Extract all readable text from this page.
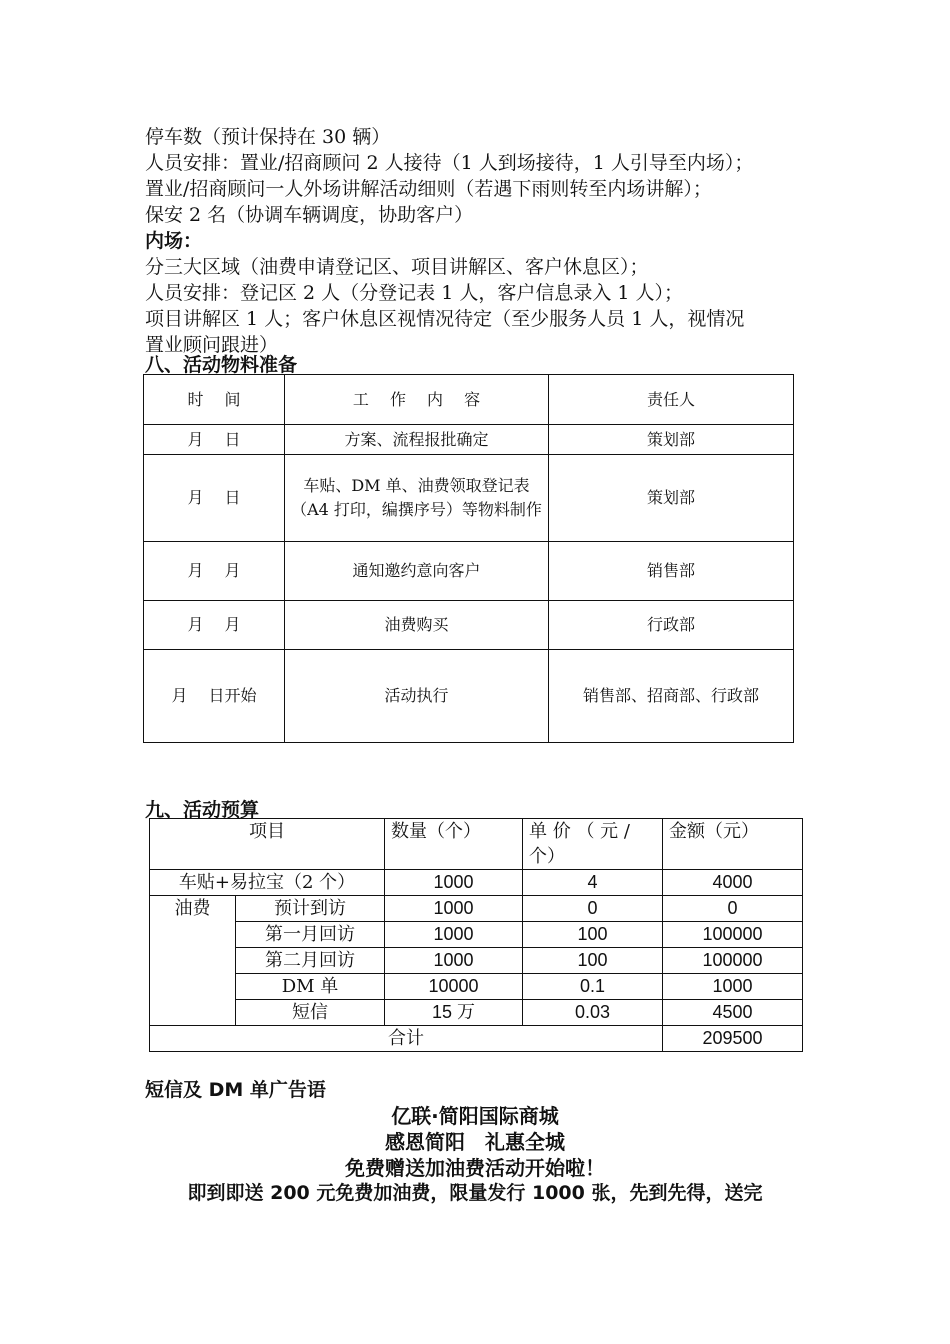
停车数（预计保持在 30 辆）
人员安排：置业/招商顾问 2 人接待（1 人到场接待，1 人引导至内场）；
置业/招商顾问一人外场讲解活动细则（若遇下雨则转至内场讲解）；
保安 2 名（协调车辆调度，协助客户）
内场：
分三大区域（油费申请登记区、项目讲解区、客户休息区）；
人员安排：登记区 2 人（分登记表 1 人，客户信息录入 1 人）；
项目讲解区 1 人；客户休息区视情况待定（至少服务人员 1 人，视情况
置业顾问跟进）
八、活动物料准备
时　 间	工　 作　 内　 容	责任人
月　 日	方案、流程报批确定	策划部
月　 日	车贴、DM 单、油费领取登记表（A4 打印，编撰序号）等物料制作	策划部
月　 月	通知邀约意向客户	销售部
月　 月	油费购买	行政部
月　 日开始	活动执行	销售部、招商部、行政部
九、活动预算
项目		数量（个）	单 价 （ 元 / 个）	金额（元）
车贴+易拉宝（2 个）		1000	4	4000
油费	预计到访	1000	0	0
	第一月回访	1000	100	100000
	第二月回访	1000	100	100000
	DM 单	10000	0.1	1000
	短信	15 万	0.03	4500
合计				209500
短信及 DM 单广告语
亿联·简阳国际商城
感恩简阳　礼惠全城
免费赠送加油费活动开始啦！
即到即送 200 元免费加油费，限量发行 1000 张，先到先得，送完
